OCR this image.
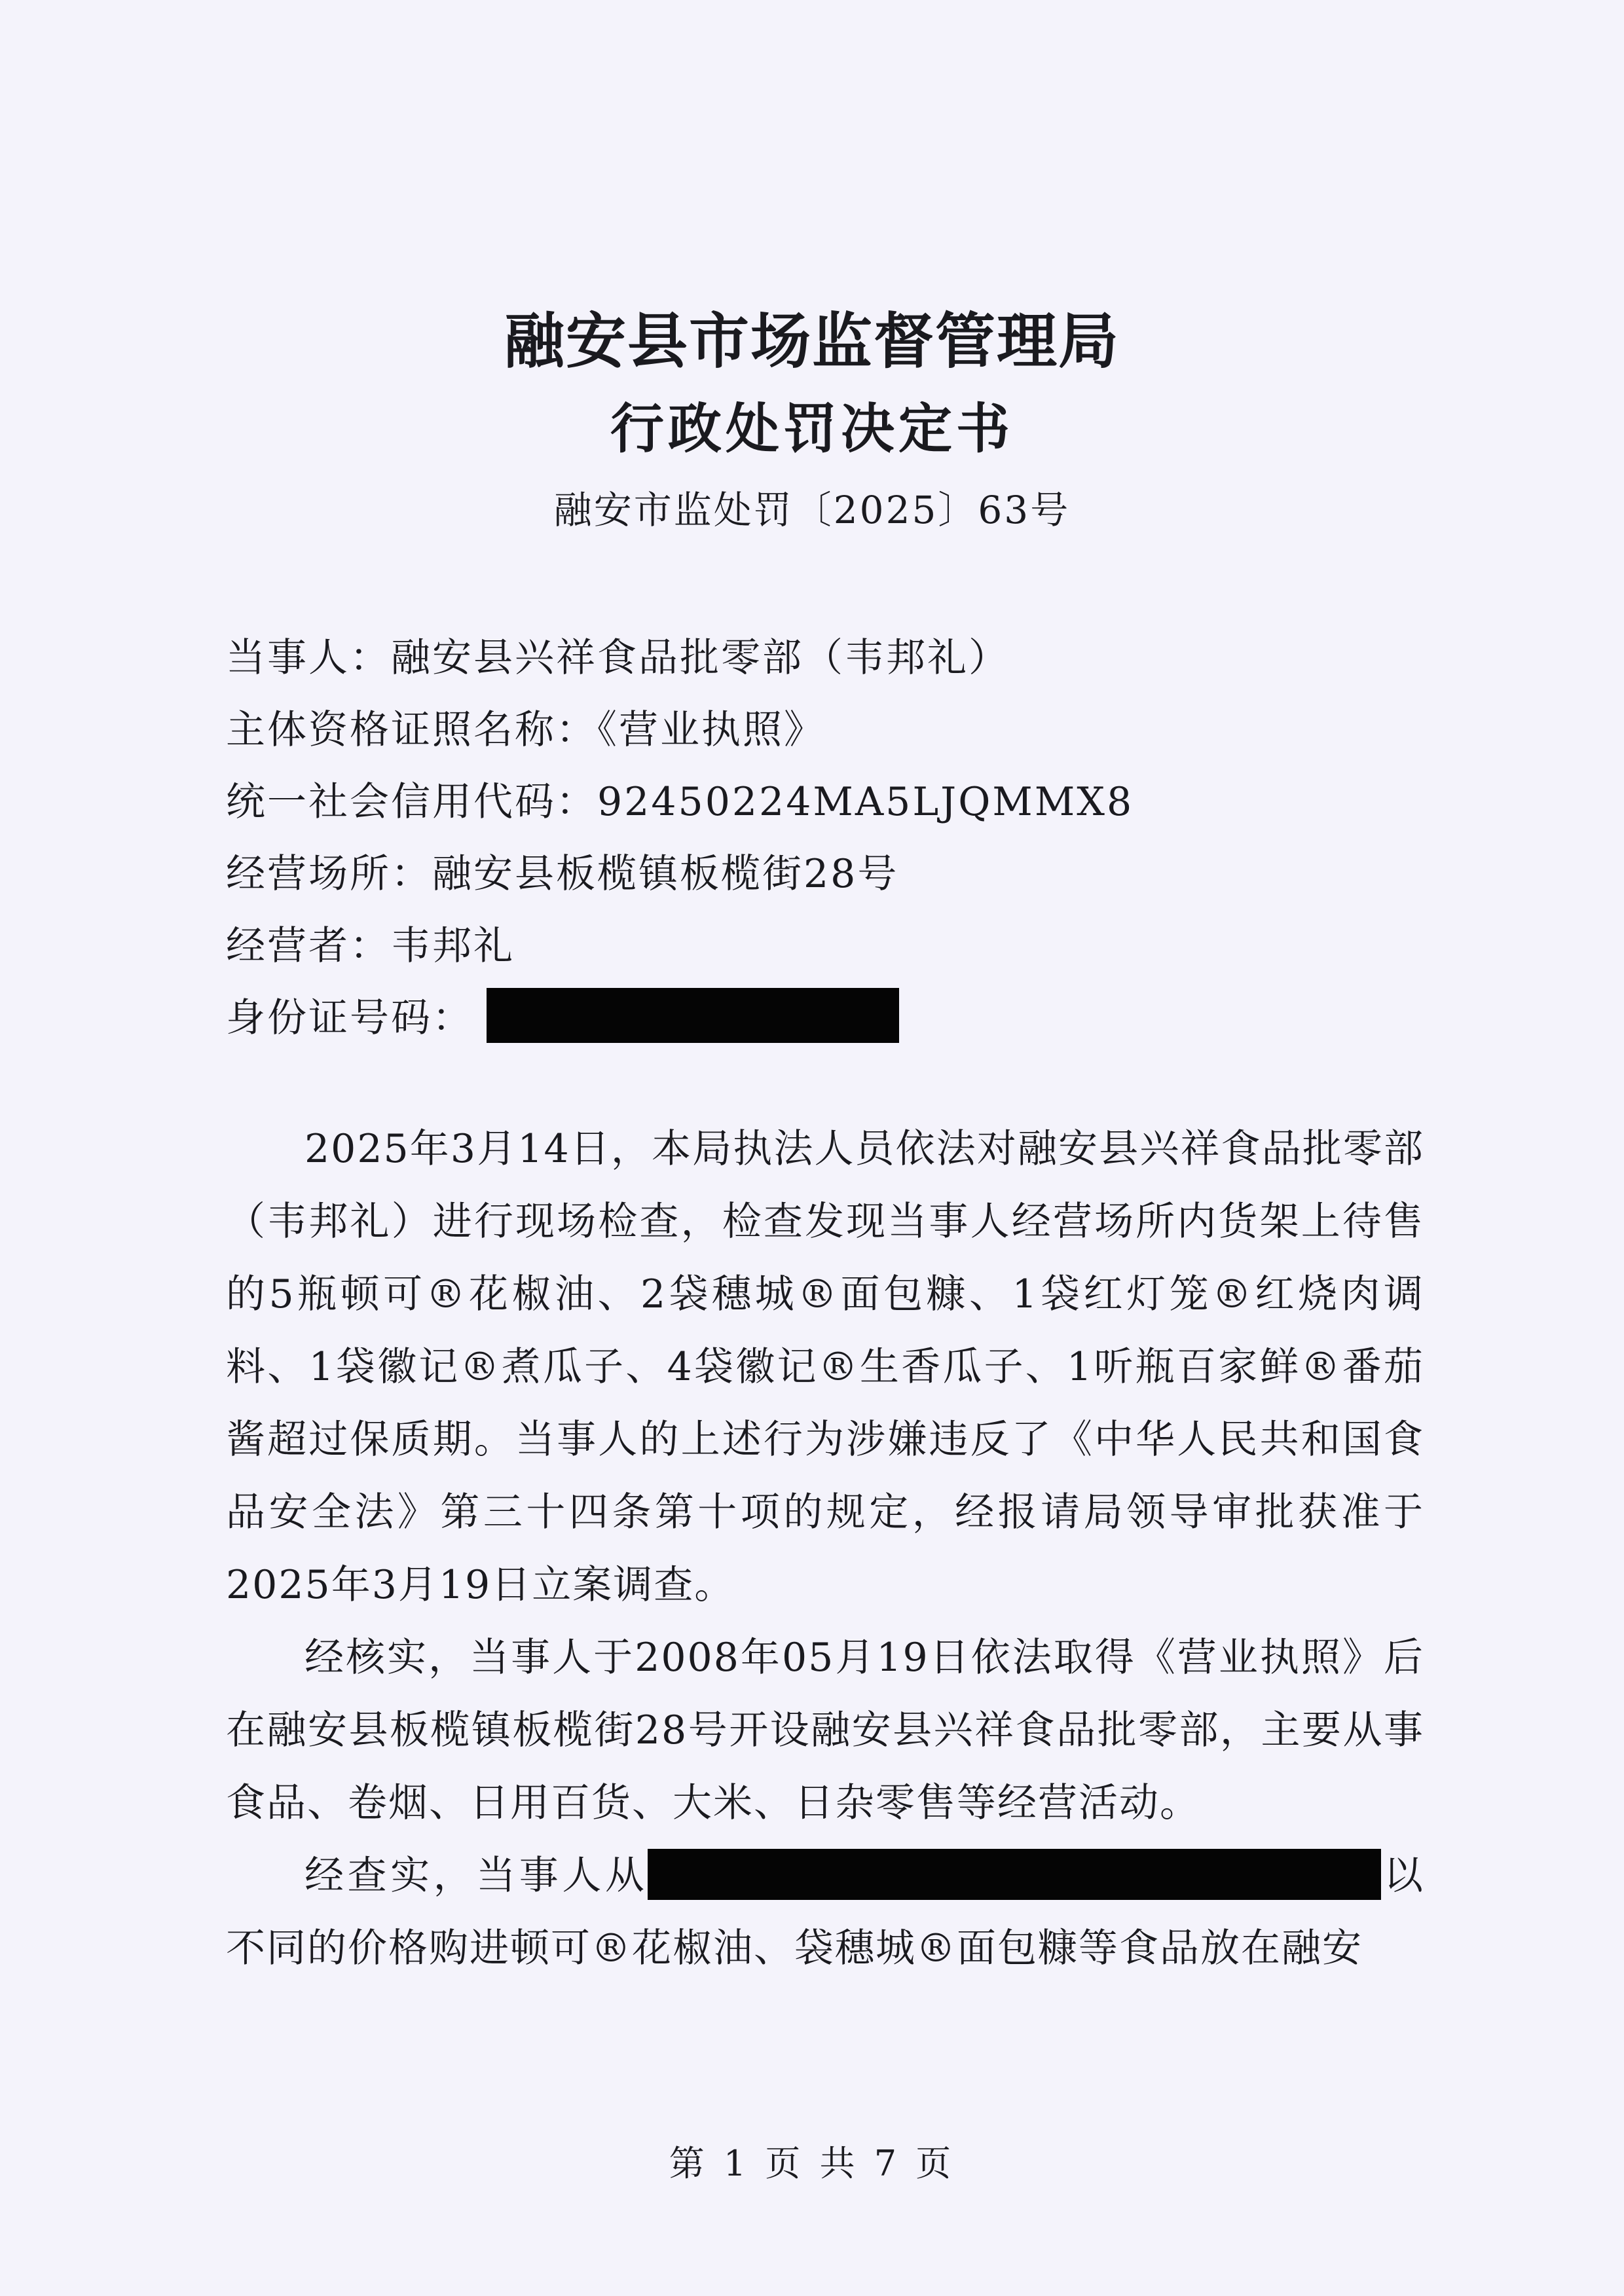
融安县市场监督管理局
行政处罚决定书
融安市监处罚〔2025〕63号
当事人：融安县兴祥食品批零部（韦邦礼）
主体资格证照名称：《营业执照》
统一社会信用代码：92450224MA5LJQMMX8
经营场所：融安县板榄镇板榄街28号
经营者：韦邦礼
身份证号码：

2025年3月14日，本局执法人员依法对融安县兴祥食品批零部（韦邦礼）进行现场检查，检查发现当事人经营场所内货架上待售的5瓶顿可®花椒油、2袋穗城®面包糠、1袋红灯笼®红烧肉调料、1袋徽记®煮瓜子、4袋徽记®生香瓜子、1听瓶百家鲜®番茄酱超过保质期。当事人的上述行为涉嫌违反了《中华人民共和国食品安全法》第三十四条第十项的规定，经报请局领导审批获准于2025年3月19日立案调查。

经核实，当事人于2008年05月19日依法取得《营业执照》后在融安县板榄镇板榄街28号开设融安县兴祥食品批零部，主要从事食品、卷烟、日用百货、大米、日杂零售等经营活动。

经查实，当事人从	以不同的价格购进顿可®花椒油、袋穗城®面包糠等食品放在融安

第 1 页 共 7 页
